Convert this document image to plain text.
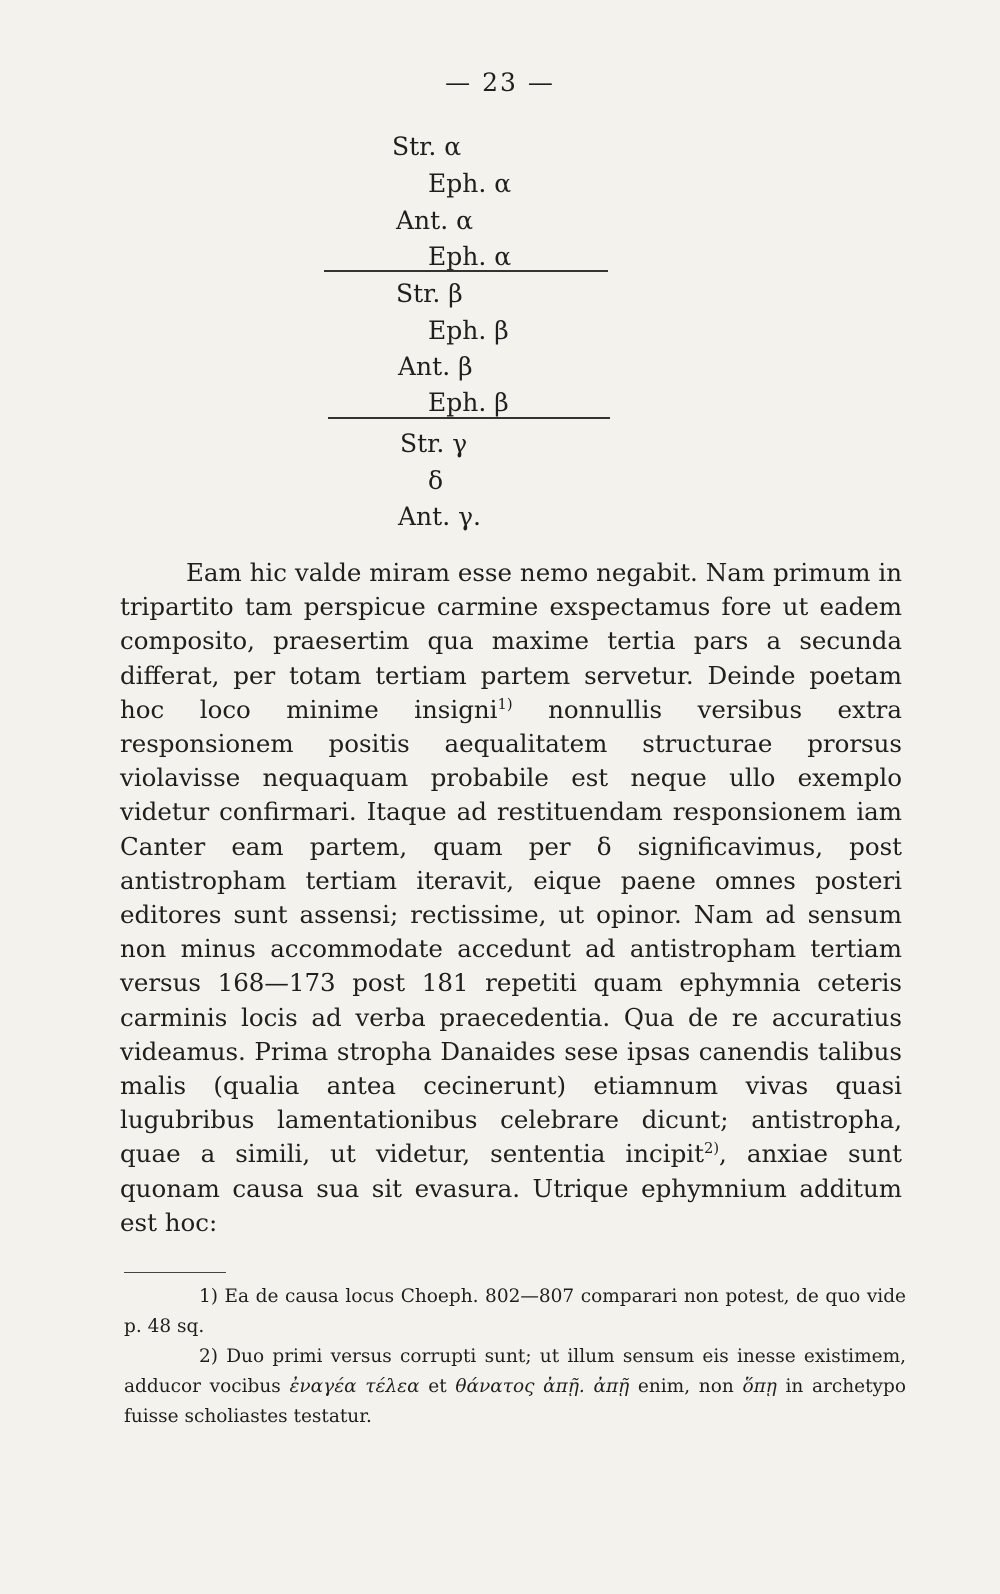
— 23 —
Str. α
Eph. α
Ant. α
Eph. α
Str. β
Eph. β
Ant. β
Eph. β
Str. γ
δ
Ant. γ.

Eam hic valde miram esse nemo negabit. Nam primum in tripartito tam perspicue carmine exspectamus fore ut eadem composito, praesertim qua maxime tertia pars a secunda differat, per totam tertiam partem servetur. Deinde poetam hoc loco minime insigni$^{1)}$ nonnullis versibus extra responsionem positis aequalitatem structurae prorsus violavisse nequaquam probabile est neque ullo exemplo videtur confirmari. Itaque ad restituendam responsionem iam Canter eam partem, quam per δ significavimus, post antistropham tertiam iteravit, eique paene omnes posteri editores sunt assensi; rectissime, ut opinor. Nam ad sensum non minus accommodate accedunt ad antistropham tertiam versus 168—173 post 181 repetiti quam ephymnia ceteris carminis locis ad verba praecedentia. Qua de re accuratius videamus. Prima stropha Danaides sese ipsas canendis talibus malis (qualia antea cecinerunt) etiamnum vivas quasi lugubribus lamentationibus celebrare dicunt; antistropha, quae a simili, ut videtur, sententia incipit$^{2)}$, anxiae sunt quonam causa sua sit evasura. Utrique ephymnium additum est hoc:

1) Ea de causa locus Choeph. 802—807 comparari non potest, de quo vide p. 48 sq.

2) Duo primi versus corrupti sunt; ut illum sensum eis inesse existimem, adducor vocibus ἐναγέα τέλεα et θάνατος ἀπῇ. ἀπῇ enim, non ὅπῃ in archetypo fuisse scholiastes testatur.
